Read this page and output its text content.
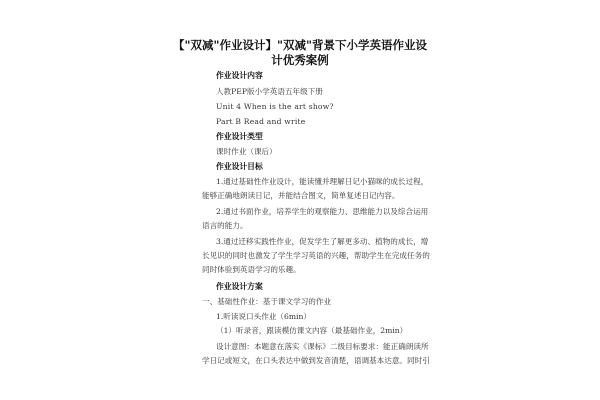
【"双减"作业设计】"双减"背景下小学英语作业设
计优秀案例
作业设计内容
人教PEP版小学英语五年级下册
Unit 4 When is the art show?
Part B Read and write
作业设计类型
课时作业（课后）
作业设计目标
1.通过基础性作业设计，能读懂并理解日记小猫咪的成长过程，
能够正确地朗读日记，并能结合图文，简单复述日记内容。
2.通过书面作业，培养学生的观察能力、思维能力以及综合运用
语言的能力。
3.通过迁移实践性作业，促发学生了解更多动、植物的成长，增
长见识的同时也激发了学生学习英语的兴趣，帮助学生在完成任务的
同时体验到英语学习的乐趣。
作业设计方案
一、基础性作业：基于课文学习的作业
1.听读说口头作业（6min）
（1）听录音，跟读模仿课文内容（最基础作业，2min）
设计意图：本题意在落实《课标》二级目标要求：能正确朗读所
学日记或短文，在口头表达中做到发音清楚，语调基本达意。同时引
